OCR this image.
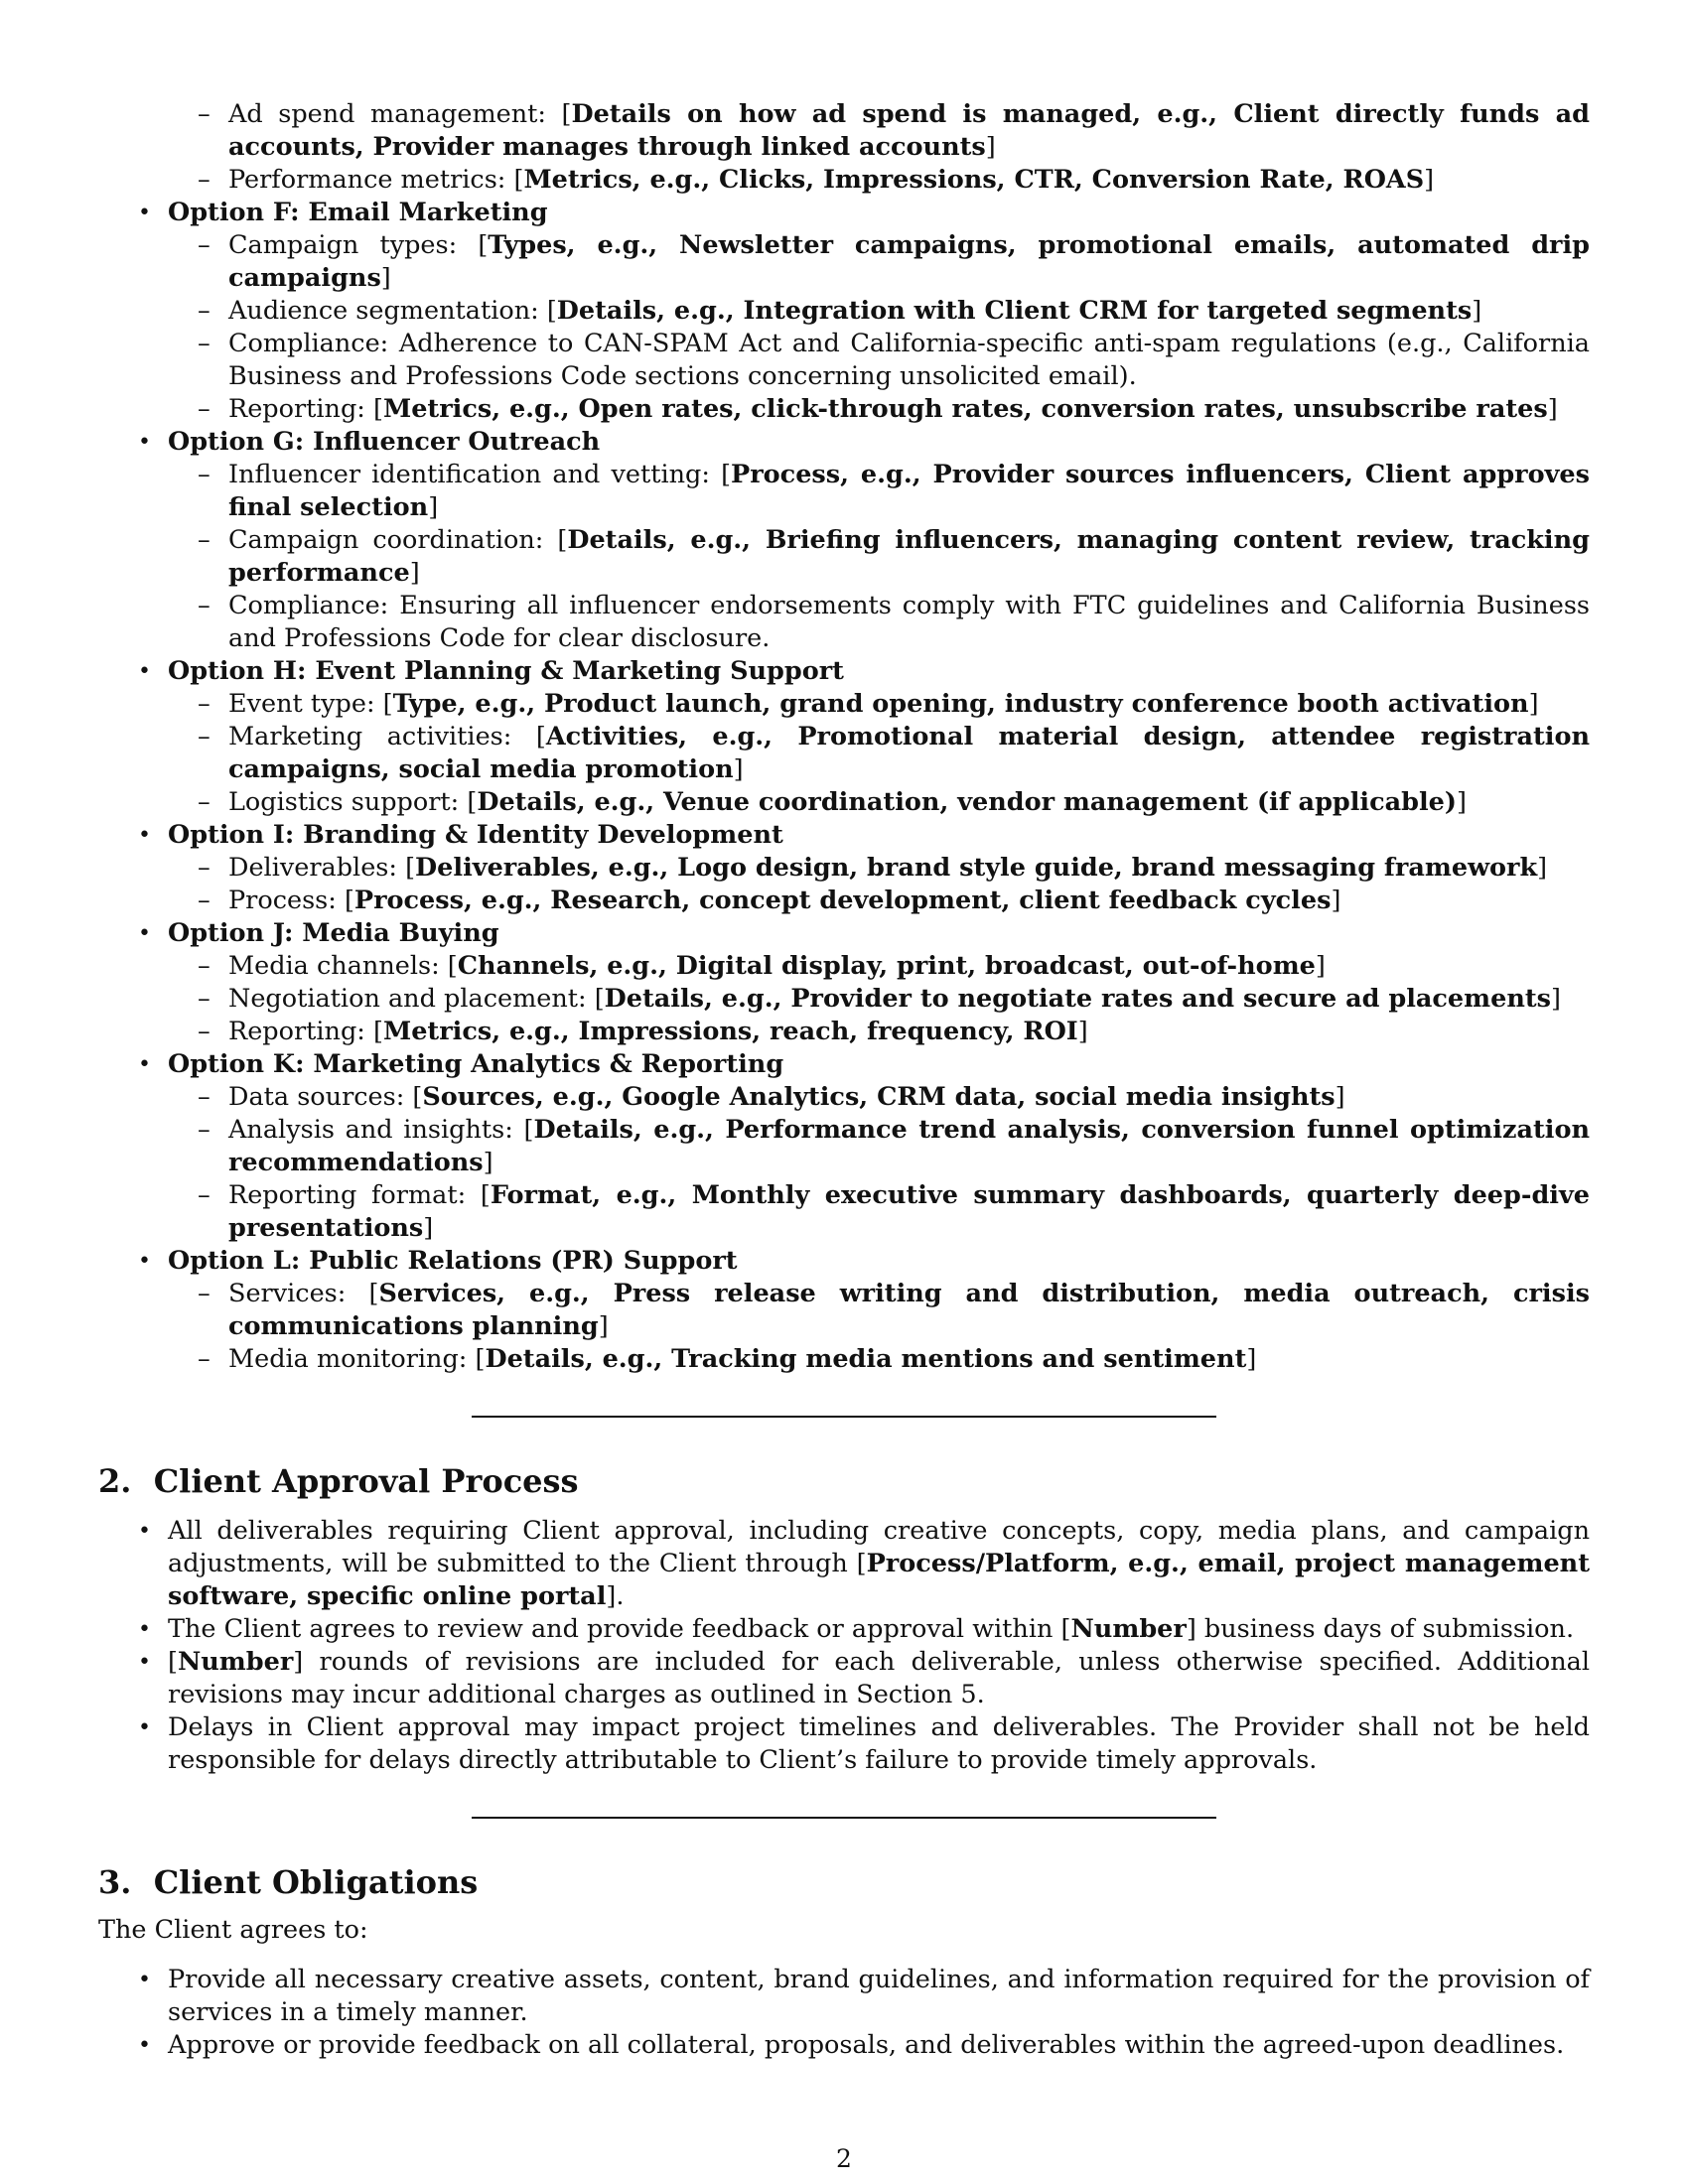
– Ad spend management: [Details on how ad spend is managed, e.g., Client directly funds ad accounts, Provider manages through linked accounts]
– Performance metrics: [Metrics, e.g., Clicks, Impressions, CTR, Conversion Rate, ROAS]
• Option F: Email Marketing
– Campaign types: [Types, e.g., Newsletter campaigns, promotional emails, automated drip campaigns]
– Audience segmentation: [Details, e.g., Integration with Client CRM for targeted segments]
– Compliance: Adherence to CAN-SPAM Act and California-specific anti-spam regulations (e.g., California Business and Professions Code sections concerning unsolicited email).
– Reporting: [Metrics, e.g., Open rates, click-through rates, conversion rates, unsubscribe rates]
• Option G: Influencer Outreach
– Influencer identification and vetting: [Process, e.g., Provider sources influencers, Client approves final selection]
– Campaign coordination: [Details, e.g., Briefing influencers, managing content review, tracking performance]
– Compliance: Ensuring all influencer endorsements comply with FTC guidelines and California Business and Professions Code for clear disclosure.
• Option H: Event Planning & Marketing Support
– Event type: [Type, e.g., Product launch, grand opening, industry conference booth activation]
– Marketing activities: [Activities, e.g., Promotional material design, attendee registration campaigns, social media promotion]
– Logistics support: [Details, e.g., Venue coordination, vendor management (if applicable)]
• Option I: Branding & Identity Development
– Deliverables: [Deliverables, e.g., Logo design, brand style guide, brand messaging framework]
– Process: [Process, e.g., Research, concept development, client feedback cycles]
• Option J: Media Buying
– Media channels: [Channels, e.g., Digital display, print, broadcast, out-of-home]
– Negotiation and placement: [Details, e.g., Provider to negotiate rates and secure ad placements]
– Reporting: [Metrics, e.g., Impressions, reach, frequency, ROI]
• Option K: Marketing Analytics & Reporting
– Data sources: [Sources, e.g., Google Analytics, CRM data, social media insights]
– Analysis and insights: [Details, e.g., Performance trend analysis, conversion funnel optimization recommendations]
– Reporting format: [Format, e.g., Monthly executive summary dashboards, quarterly deep-dive presentations]
• Option L: Public Relations (PR) Support
– Services: [Services, e.g., Press release writing and distribution, media outreach, crisis communications planning]
– Media monitoring: [Details, e.g., Tracking media mentions and sentiment]
2.  Client Approval Process
• All deliverables requiring Client approval, including creative concepts, copy, media plans, and campaign adjustments, will be submitted to the Client through [Process/Platform, e.g., email, project management software, specific online portal].
• The Client agrees to review and provide feedback or approval within [Number] business days of submission.
• [Number] rounds of revisions are included for each deliverable, unless otherwise specified. Additional revisions may incur additional charges as outlined in Section 5.
• Delays in Client approval may impact project timelines and deliverables. The Provider shall not be held responsible for delays directly attributable to Client’s failure to provide timely approvals.
3.  Client Obligations

The Client agrees to:

• Provide all necessary creative assets, content, brand guidelines, and information required for the provision of services in a timely manner.
• Approve or provide feedback on all collateral, proposals, and deliverables within the agreed-upon deadlines.
2
